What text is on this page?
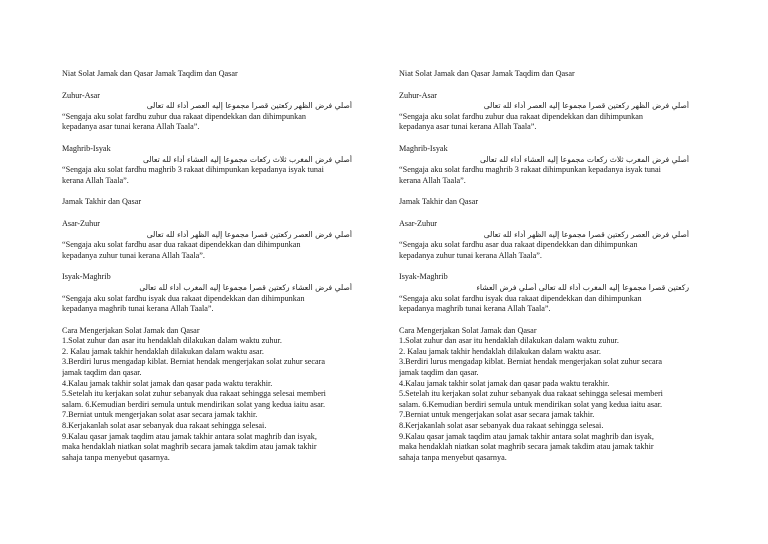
Niat Solat Jamak dan Qasar Jamak Taqdim dan Qasar
Zuhur-Asar
أصلي فرض الظهر ركعتين قصرا مجموعا إليه العصر أداء لله تعالى
“Sengaja aku solat fardhu zuhur dua rakaat dipendekkan dan dihimpunkan
kepadanya asar tunai kerana Allah Taala”.
Maghrib-Isyak
أصلي فرض المغرب ثلاث ركعات مجموعا إليه العشاء أداء لله تعالى
“Sengaja aku solat fardhu maghrib 3 rakaat dihimpunkan kepadanya isyak tunai
kerana Allah Taala”.
Jamak Takhir dan Qasar
Asar-Zuhur
أصلي فرض العصر ركعتين قصرا مجموعا إليه الظهر أداء لله تعالى
“Sengaja aku solat fardhu asar dua rakaat dipendekkan dan dihimpunkan
kepadanya zuhur tunai kerana Allah Taala”.
Isyak-Maghrib
أصلي فرض العشاء ركعتين قصرا مجموعا إليه المغرب أداء لله تعالى
“Sengaja aku solat fardhu isyak dua rakaat dipendekkan dan dihimpunkan
kepadanya maghrib tunai kerana Allah Taala”.
Cara Mengerjakan Solat Jamak dan Qasar
1.Solat zuhur dan asar itu hendaklah dilakukan dalam waktu zuhur.
2. Kalau jamak takhir hendaklah dilakukan dalam waktu asar.
3.Berdiri lurus mengadap kiblat. Berniat hendak mengerjakan solat zuhur secara
jamak taqdim dan qasar.
4.Kalau jamak takhir solat jamak dan qasar pada waktu terakhir.
5.Setelah itu kerjakan solat zuhur sebanyak dua rakaat sehingga selesai memberi
salam. 6.Kemudian berdiri semula untuk mendirikan solat yang kedua iaitu asar.
7.Berniat untuk mengerjakan solat asar secara jamak takhir.
8.Kerjakanlah solat asar sebanyak dua rakaat sehingga selesai.
9.Kalau qasar jamak taqdim atau jamak takhir antara solat maghrib dan isyak,
maka hendaklah niatkan solat maghrib secara jamak takdim atau jamak takhir
sahaja tanpa menyebut qasarnya.
Niat Solat Jamak dan Qasar Jamak Taqdim dan Qasar
Zuhur-Asar
أصلي فرض الظهر ركعتين قصرا مجموعا إليه العصر أداء لله تعالى
“Sengaja aku solat fardhu zuhur dua rakaat dipendekkan dan dihimpunkan
kepadanya asar tunai kerana Allah Taala”.
Maghrib-Isyak
أصلي فرض المغرب ثلاث ركعات مجموعا إليه العشاء أداء لله تعالى
“Sengaja aku solat fardhu maghrib 3 rakaat dihimpunkan kepadanya isyak tunai
kerana Allah Taala”.
Jamak Takhir dan Qasar
Asar-Zuhur
أصلي فرض العصر ركعتين قصرا مجموعا إليه الظهر أداء لله تعالى
“Sengaja aku solat fardhu asar dua rakaat dipendekkan dan dihimpunkan
kepadanya zuhur tunai kerana Allah Taala”.
Isyak-Maghrib
ركعتين قصرا مجموعا إليه المغرب أداء لله تعالى أصلي فرض العشاء
“Sengaja aku solat fardhu isyak dua rakaat dipendekkan dan dihimpunkan
kepadanya maghrib tunai kerana Allah Taala”.
Cara Mengerjakan Solat Jamak dan Qasar
1.Solat zuhur dan asar itu hendaklah dilakukan dalam waktu zuhur.
2. Kalau jamak takhir hendaklah dilakukan dalam waktu asar.
3.Berdiri lurus mengadap kiblat. Berniat hendak mengerjakan solat zuhur secara
jamak taqdim dan qasar.
4.Kalau jamak takhir solat jamak dan qasar pada waktu terakhir.
5.Setelah itu kerjakan solat zuhur sebanyak dua rakaat sehingga selesai memberi
salam. 6.Kemudian berdiri semula untuk mendirikan solat yang kedua iaitu asar.
7.Berniat untuk mengerjakan solat asar secara jamak takhir.
8.Kerjakanlah solat asar sebanyak dua rakaat sehingga selesai.
9.Kalau qasar jamak taqdim atau jamak takhir antara solat maghrib dan isyak,
maka hendaklah niatkan solat maghrib secara jamak takdim atau jamak takhir
sahaja tanpa menyebut qasarnya.
